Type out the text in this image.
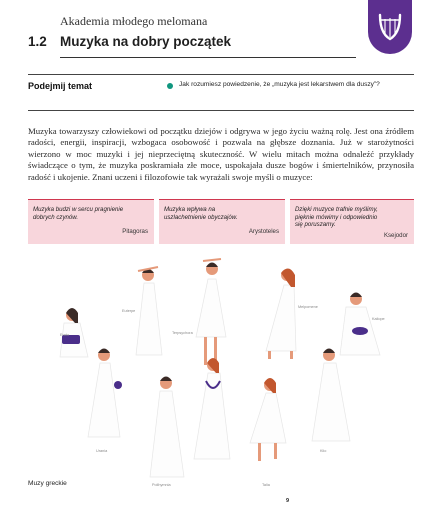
Akademia młodego melomana
1.2 Muzyka na dobry początek
Podejmij temat	Jak rozumiesz powiedzenie, że „muzyka jest lekarstwem dla duszy”?

Muzyka towarzyszy człowiekowi od początku dziejów i odgrywa w jego życiu ważną rolę. Jest ona źródłem radości, energii, inspiracji, wzbogaca osobowość i pozwala na głębsze doznania. Już w starożytności wierzono w moc muzyki i jej nieprzeciętną skuteczność. W wielu mitach można odnaleźć przykłady świadczące o tym, że muzyka poskramiała złe moce, uspokajała dusze bogów i śmiertelników, przynosiła radość i ukojenie. Znani uczeni i filozofowie tak wyrażali swoje myśli o muzyce:

Muzyka budzi w sercu pragnienie
dobrych czynów.
Pitagoras
Muzyka wpływa na
uszlachetnienie obyczajów.
Arystoteles
Dzięki muzyce trafnie myślimy,
pięknie mówimy i odpowiednio
się poruszamy.
Ksejodor
Euterpe
Terpsychora
Erato
Melpomene
Klio
Kaliope
Urania
Polihymnia	Talia
Muzy greckie
9
